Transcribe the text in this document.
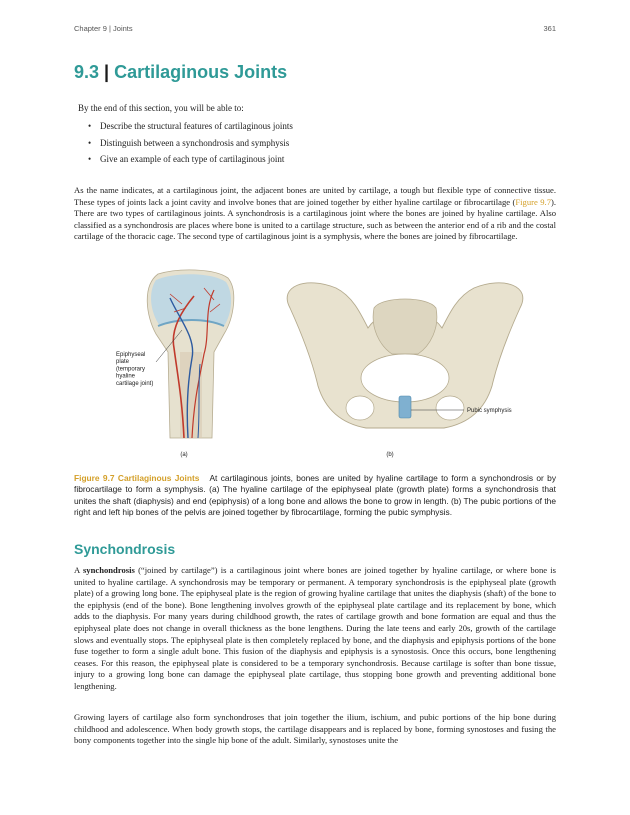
Chapter 9 | Joints	361
9.3 | Cartilaginous Joints
By the end of this section, you will be able to:
• Describe the structural features of cartilaginous joints
• Distinguish between a synchondrosis and symphysis
• Give an example of each type of cartilaginous joint

As the name indicates, at a cartilaginous joint, the adjacent bones are united by cartilage, a tough but flexible type of connective tissue. These types of joints lack a joint cavity and involve bones that are joined together by either hyaline cartilage or fibrocartilage (Figure 9.7). There are two types of cartilaginous joints. A synchondrosis is a cartilaginous joint where the bones are joined by hyaline cartilage. Also classified as a synchondrosis are places where bone is united to a cartilage structure, such as between the anterior end of a rib and the costal cartilage of the thoracic cage. The second type of cartilaginous joint is a symphysis, where the bones are joined by fibrocartilage.

Epiphyseal plate (temporary hyaline cartilage joint)
(a)
Pubic symphysis
(b)

Figure 9.7 Cartilaginous Joints At cartilaginous joints, bones are united by hyaline cartilage to form a synchondrosis or by fibrocartilage to form a symphysis. (a) The hyaline cartilage of the epiphyseal plate (growth plate) forms a synchondrosis that unites the shaft (diaphysis) and end (epiphysis) of a long bone and allows the bone to grow in length. (b) The pubic portions of the right and left hip bones of the pelvis are joined together by fibrocartilage, forming the pubic symphysis.

Synchondrosis

A synchondrosis (“joined by cartilage”) is a cartilaginous joint where bones are joined together by hyaline cartilage, or where bone is united to hyaline cartilage. A synchondrosis may be temporary or permanent. A temporary synchondrosis is the epiphyseal plate (growth plate) of a growing long bone. The epiphyseal plate is the region of growing hyaline cartilage that unites the diaphysis (shaft) of the bone to the epiphysis (end of the bone). Bone lengthening involves growth of the epiphyseal plate cartilage and its replacement by bone, which adds to the diaphysis. For many years during childhood growth, the rates of cartilage growth and bone formation are equal and thus the epiphyseal plate does not change in overall thickness as the bone lengthens. During the late teens and early 20s, growth of the cartilage slows and eventually stops. The epiphyseal plate is then completely replaced by bone, and the diaphysis and epiphysis portions of the bone fuse together to form a single adult bone. This fusion of the diaphysis and epiphysis is a synostosis. Once this occurs, bone lengthening ceases. For this reason, the epiphyseal plate is considered to be a temporary synchondrosis. Because cartilage is softer than bone tissue, injury to a growing long bone can damage the epiphyseal plate cartilage, thus stopping bone growth and preventing additional bone lengthening.

Growing layers of cartilage also form synchondroses that join together the ilium, ischium, and pubic portions of the hip bone during childhood and adolescence. When body growth stops, the cartilage disappears and is replaced by bone, forming synostoses and fusing the bony components together into the single hip bone of the adult. Similarly, synostoses unite the
